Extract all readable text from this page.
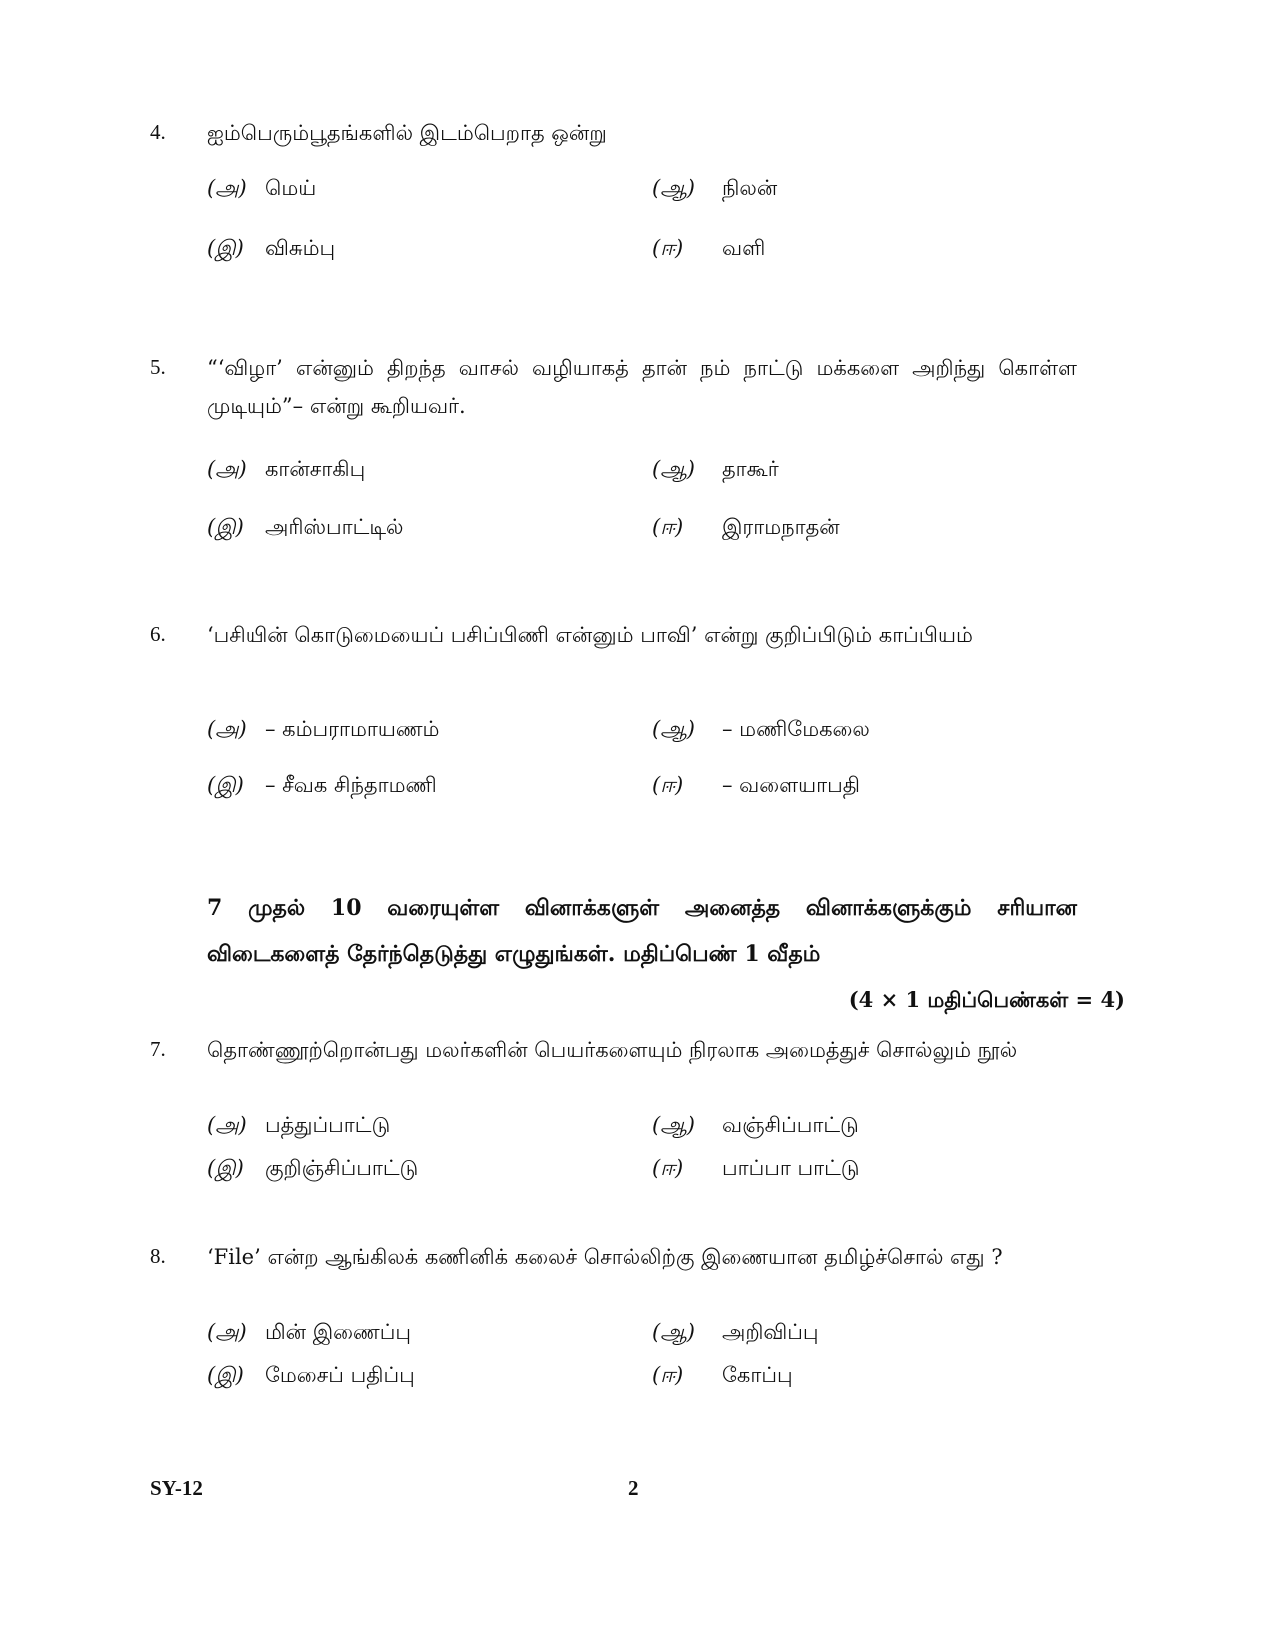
4. ஐம்பெரும்பூதங்களில் இடம்பெறாத ஒன்று
(அ) மெய்	(ஆ) நிலன்
(இ) விசும்பு	(ஈ) வளி
5. “‘விழா’ என்னும் திறந்த வாசல் வழியாகத் தான் நம் நாட்டு மக்களை அறிந்து கொள்ள முடியும்”– என்று கூறியவர்.
(அ) கான்சாகிபு	(ஆ) தாகூர்
(இ) அரிஸ்பாட்டில்	(ஈ) இராமநாதன்
6. ‘பசியின் கொடுமையைப் பசிப்பிணி என்னும் பாவி’ என்று குறிப்பிடும் காப்பியம்
(அ) – கம்பராமாயணம்	(ஆ) – மணிமேகலை
(இ) – சீவக சிந்தாமணி	(ஈ) – வளையாபதி
7 முதல் 10 வரையுள்ள வினாக்களுள் அனைத்த வினாக்களுக்கும் சரியான விடைகளைத் தேர்ந்தெடுத்து எழுதுங்கள். மதிப்பெண் 1 வீதம்
(4 × 1 மதிப்பெண்கள் = 4)
7. தொண்ணூற்றொன்பது மலர்களின் பெயர்களையும் நிரலாக அமைத்துச் சொல்லும் நூல்
(அ) பத்துப்பாட்டு	(ஆ) வஞ்சிப்பாட்டு
(இ) குறிஞ்சிப்பாட்டு	(ஈ) பாப்பா பாட்டு
8. ‘File’ என்ற ஆங்கிலக் கணினிக் கலைச் சொல்லிற்கு இணையான தமிழ்ச்சொல் எது ?
(அ) மின் இணைப்பு	(ஆ) அறிவிப்பு
(இ) மேசைப் பதிப்பு	(ஈ) கோப்பு
SY-12	2
